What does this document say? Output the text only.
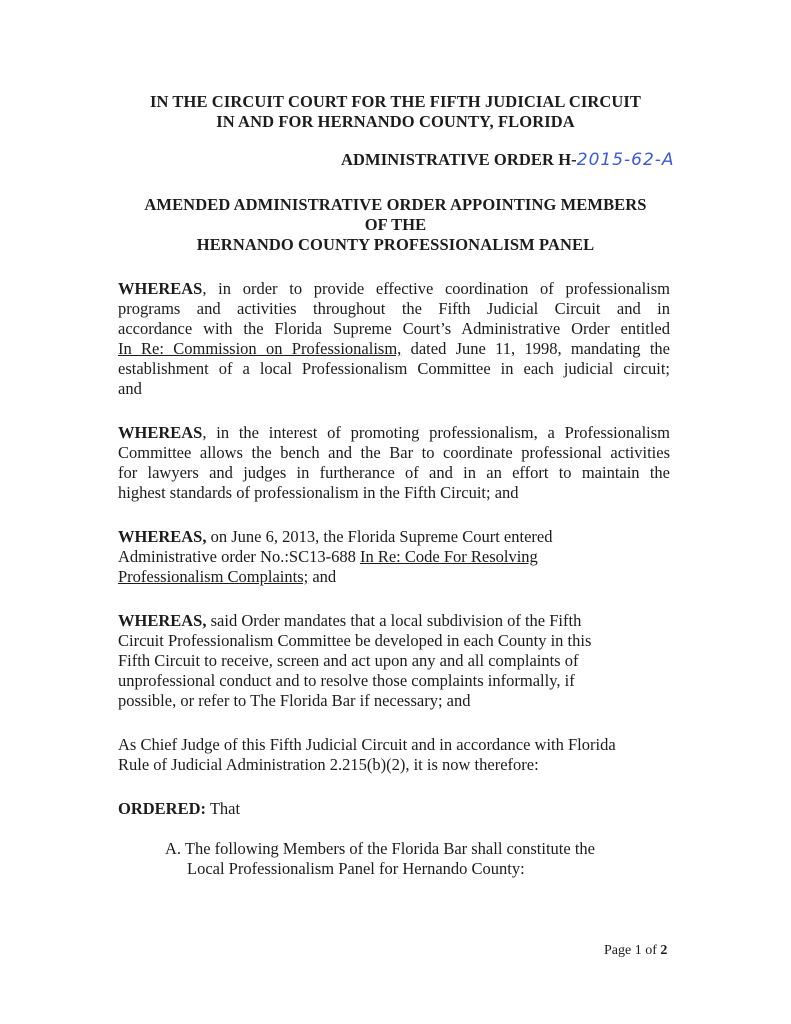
IN THE CIRCUIT COURT FOR THE FIFTH JUDICIAL CIRCUIT
IN AND FOR HERNANDO COUNTY, FLORIDA
ADMINISTRATIVE ORDER H-2015-62-A
AMENDED ADMINISTRATIVE ORDER APPOINTING MEMBERS
OF THE
HERNANDO COUNTY PROFESSIONALISM PANEL
WHEREAS, in order to provide effective coordination of professionalism
programs and activities throughout the Fifth Judicial Circuit and in
accordance with the Florida Supreme Court’s Administrative Order entitled
In Re: Commission on Professionalism, dated June 11, 1998, mandating the
establishment of a local Professionalism Committee in each judicial circuit;
and
WHEREAS, in the interest of promoting professionalism, a Professionalism
Committee allows the bench and the Bar to coordinate professional activities
for lawyers and judges in furtherance of and in an effort to maintain the
highest standards of professionalism in the Fifth Circuit; and
WHEREAS, on June 6, 2013, the Florida Supreme Court entered
Administrative order No.:SC13-688 In Re: Code For Resolving
Professionalism Complaints; and
WHEREAS, said Order mandates that a local subdivision of the Fifth
Circuit Professionalism Committee be developed in each County in this
Fifth Circuit to receive, screen and act upon any and all complaints of
unprofessional conduct and to resolve those complaints informally, if
possible, or refer to The Florida Bar if necessary; and
As Chief Judge of this Fifth Judicial Circuit and in accordance with Florida
Rule of Judicial Administration 2.215(b)(2), it is now therefore:
ORDERED: That
A. The following Members of the Florida Bar shall constitute the
Local Professionalism Panel for Hernando County:
Page 1 of 2
